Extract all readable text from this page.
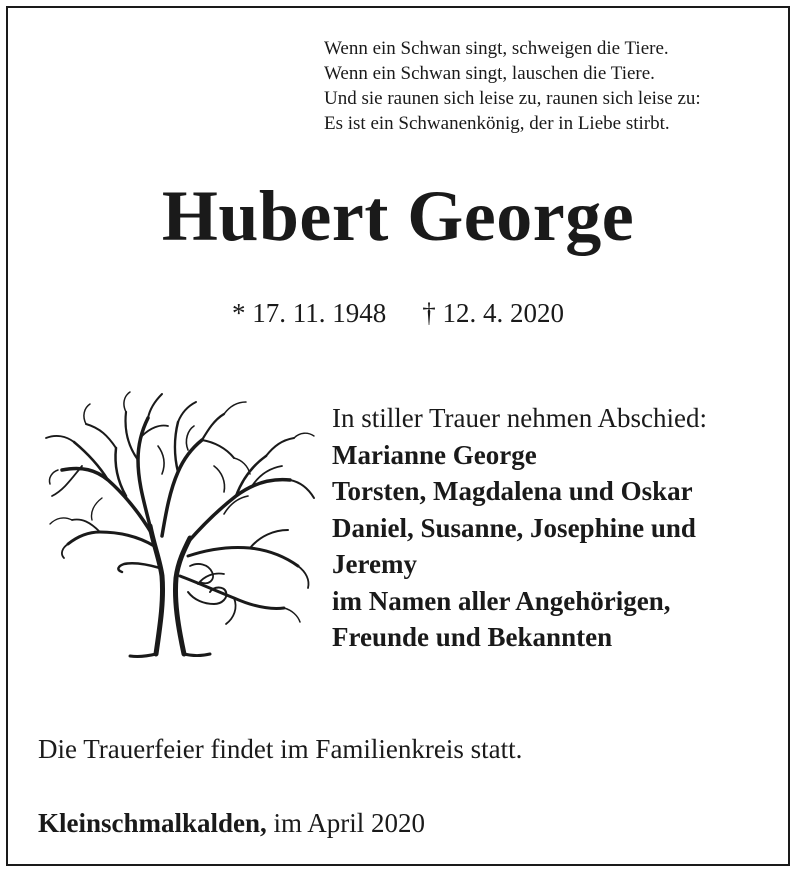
Wenn ein Schwan singt, schweigen die Tiere.
Wenn ein Schwan singt, lauschen die Tiere.
Und sie raunen sich leise zu, raunen sich leise zu:
Es ist ein Schwanenkönig, der in Liebe stirbt.
Hubert George
* 17. 11. 1948 † 12. 4. 2020
In stiller Trauer nehmen Abschied:
Marianne George
Torsten, Magdalena und Oskar
Daniel, Susanne, Josephine und
Jeremy
im Namen aller Angehörigen,
Freunde und Bekannten
Die Trauerfeier findet im Familienkreis statt.
Kleinschmalkalden, im April 2020
